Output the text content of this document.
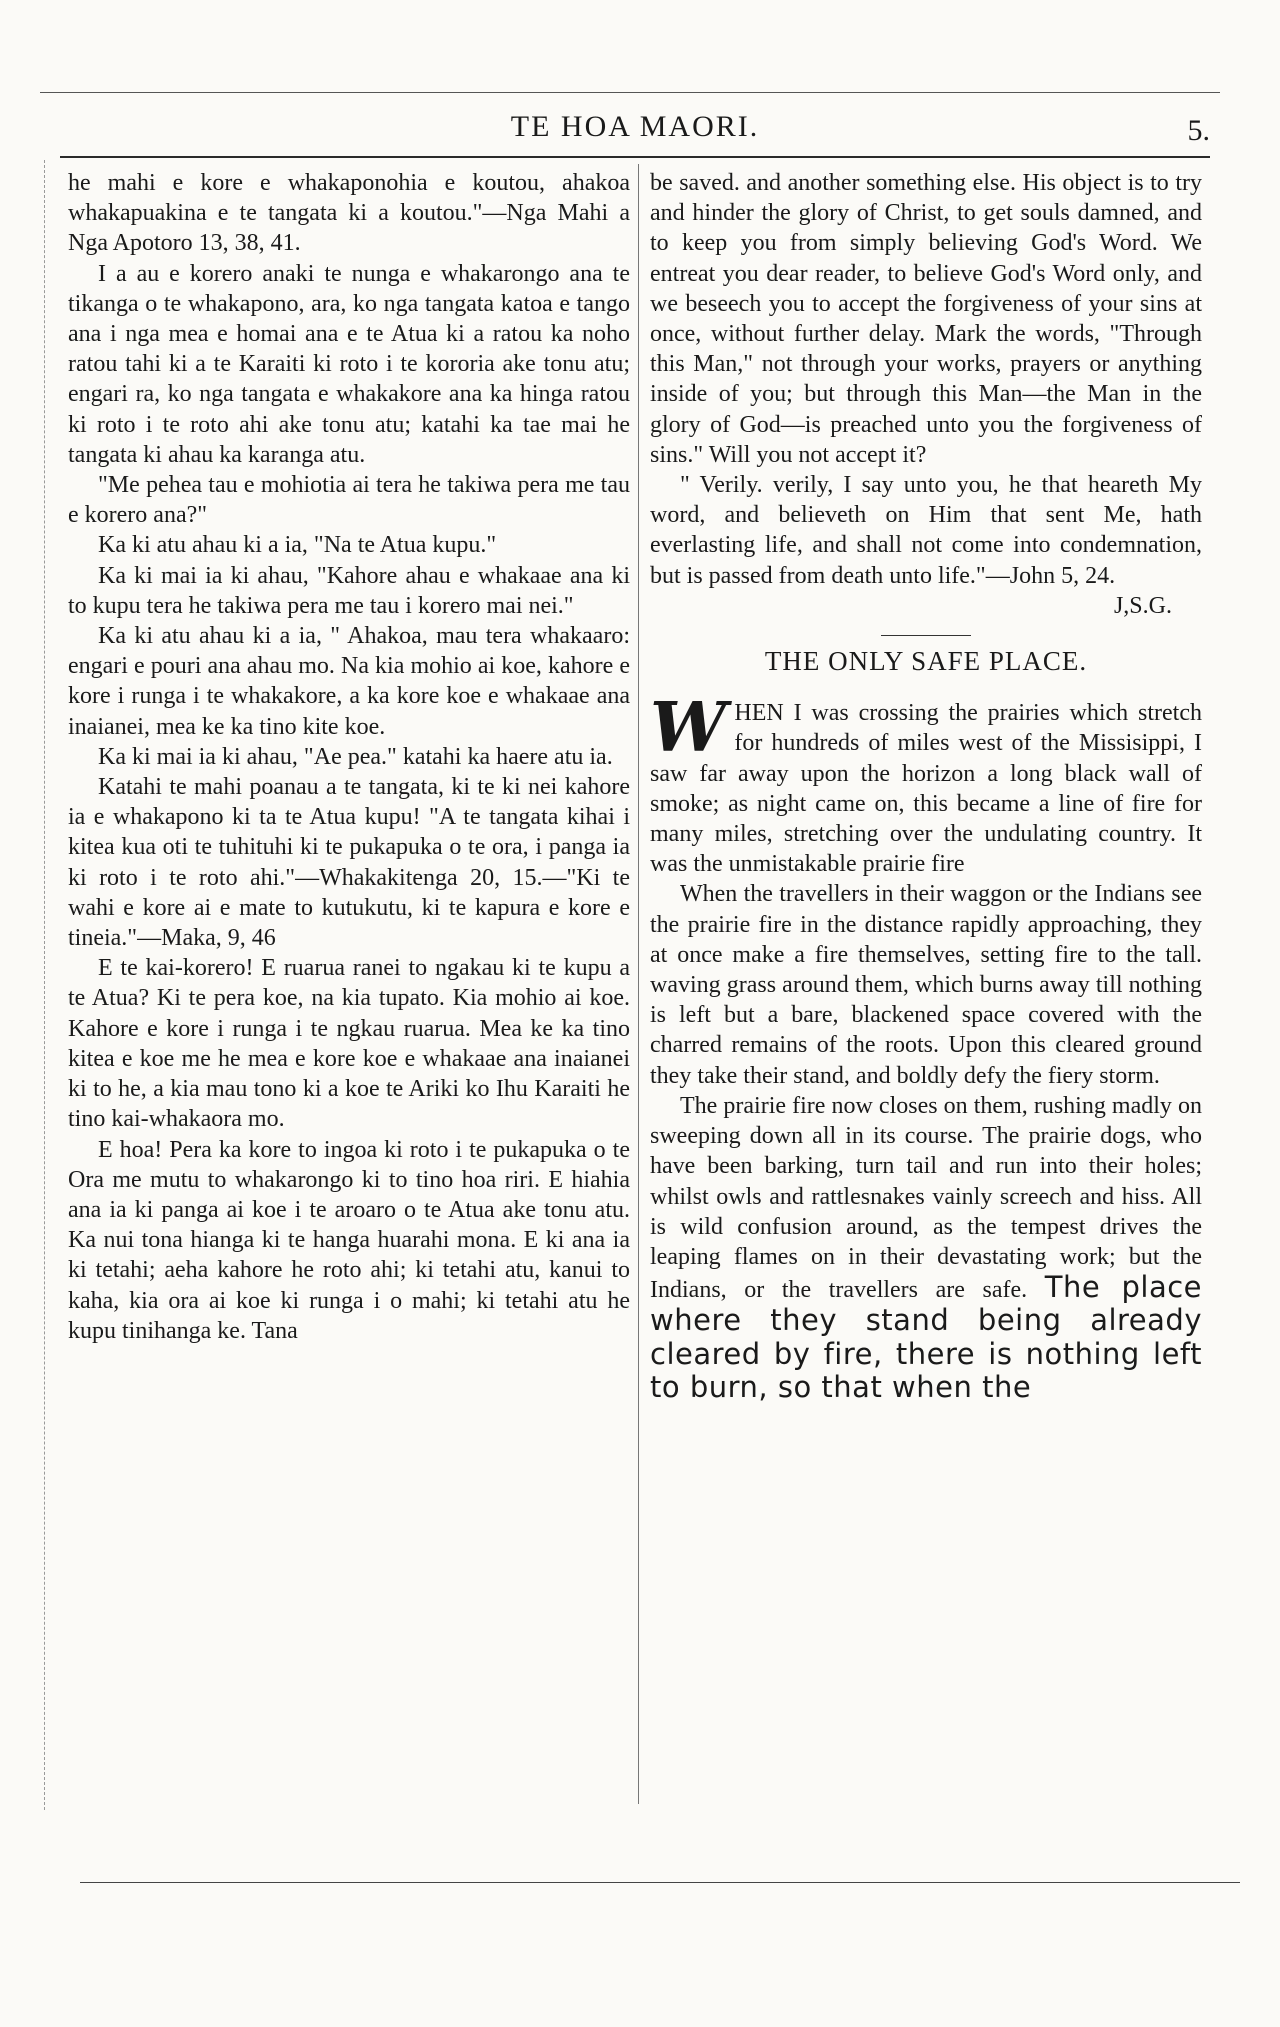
TE HOA MAORI.	5.

he mahi e kore e whakaponohia e koutou, ahakoa whakapuakina e te tangata ki a koutou."—Nga Mahi a Nga Apotoro 13, 38, 41.

I a au e korero anaki te nunga e whakarongo ana te tikanga o te whakapono, ara, ko nga tangata katoa e tango ana i nga mea e homai ana e te Atua ki a ratou ka noho ratou tahi ki a te Karaiti ki roto i te kororia ake tonu atu; engari ra, ko nga tangata e whakakore ana ka hinga ratou ki roto i te roto ahi ake tonu atu; katahi ka tae mai he tangata ki ahau ka karanga atu.

"Me pehea tau e mohiotia ai tera he takiwa pera me tau e korero ana?"

Ka ki atu ahau ki a ia, "Na te Atua kupu."

Ka ki mai ia ki ahau, "Kahore ahau e whakaae ana ki to kupu tera he takiwa pera me tau i korero mai nei."

Ka ki atu ahau ki a ia, " Ahakoa, mau tera whakaaro: engari e pouri ana ahau mo. Na kia mohio ai koe, kahore e kore i runga i te whakakore, a ka kore koe e whakaae ana inaianei, mea ke ka tino kite koe.

Ka ki mai ia ki ahau, "Ae pea." katahi ka haere atu ia.

Katahi te mahi poanau a te tangata, ki te ki nei kahore ia e whakapono ki ta te Atua kupu! "A te tangata kihai i kitea kua oti te tuhituhi ki te pukapuka o te ora, i panga ia ki roto i te roto ahi."—Whakakitenga 20, 15.—"Ki te wahi e kore ai e mate to kutukutu, ki te kapura e kore e tineia."—Maka, 9, 46

E te kai-korero! E ruarua ranei to ngakau ki te kupu a te Atua? Ki te pera koe, na kia tupato. Kia mohio ai koe. Kahore e kore i runga i te ngkau ruarua. Mea ke ka tino kitea e koe me he mea e kore koe e whakaae ana inaianei ki to he, a kia mau tono ki a koe te Ariki ko Ihu Karaiti he tino kai-whakaora mo.

E hoa! Pera ka kore to ingoa ki roto i te pukapuka o te Ora me mutu to whakarongo ki to tino hoa riri. E hiahia ana ia ki panga ai koe i te aroaro o te Atua ake tonu atu. Ka nui tona hianga ki te hanga huarahi mona. E ki ana ia ki tetahi; aeha kahore he roto ahi; ki tetahi atu, kanui to kaha, kia ora ai koe ki runga i o mahi; ki tetahi atu he kupu tinihanga ke. Tana

be saved. and another something else. His object is to try and hinder the glory of Christ, to get souls damned, and to keep you from simply believing God's Word. We entreat you dear reader, to believe God's Word only, and we beseech you to accept the forgiveness of your sins at once, without further delay. Mark the words, "Through this Man," not through your works, prayers or anything inside of you; but through this Man—the Man in the glory of God—is preached unto you the forgiveness of sins." Will you not accept it?

" Verily. verily, I say unto you, he that heareth My word, and believeth on Him that sent Me, hath everlasting life, and shall not come into condemnation, but is passed from death unto life."—John 5, 24.

J,S.G.

THE ONLY SAFE PLACE.

WHEN I was crossing the prairies which stretch for hundreds of miles west of the Missisippi, I saw far away upon the horizon a long black wall of smoke; as night came on, this became a line of fire for many miles, stretching over the undulating country. It was the unmistakable prairie fire

When the travellers in their waggon or the Indians see the prairie fire in the distance rapidly approaching, they at once make a fire themselves, setting fire to the tall. waving grass around them, which burns away till nothing is left but a bare, blackened space covered with the charred remains of the roots. Upon this cleared ground they take their stand, and boldly defy the fiery storm.

The prairie fire now closes on them, rushing madly on sweeping down all in its course. The prairie dogs, who have been barking, turn tail and run into their holes; whilst owls and rattlesnakes vainly screech and hiss. All is wild confusion around, as the tempest drives the leaping flames on in their devastating work; but the Indians, or the travellers are safe. The place where they stand being already cleared by fire, there is nothing left to burn, so that when the
